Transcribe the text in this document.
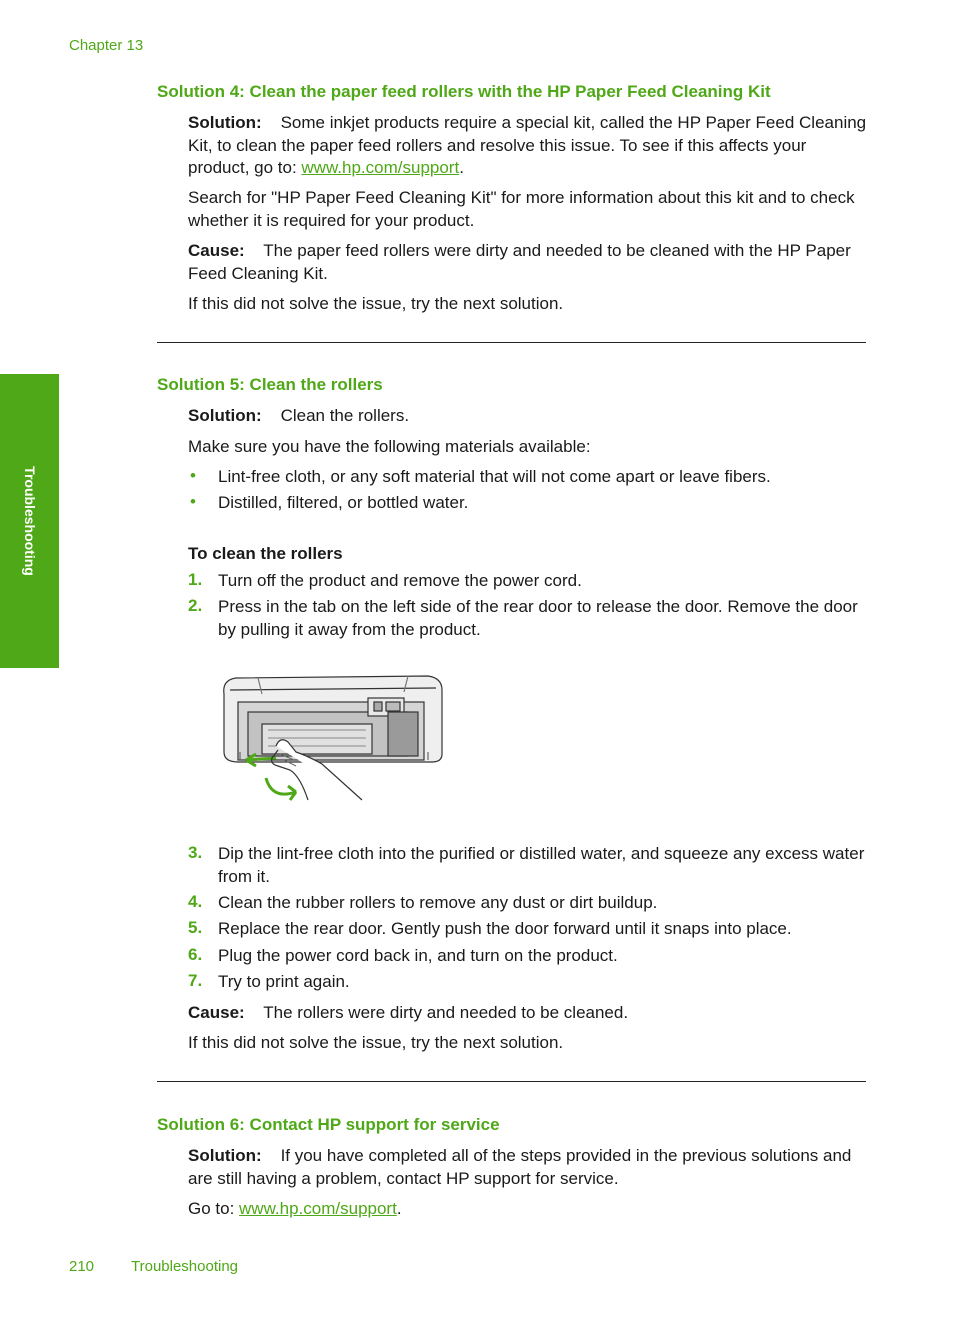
Chapter 13
Troubleshooting
Solution 4: Clean the paper feed rollers with the HP Paper Feed Cleaning Kit

Solution: Some inkjet products require a special kit, called the HP Paper Feed Cleaning Kit, to clean the paper feed rollers and resolve this issue. To see if this affects your product, go to: www.hp.com/support.

Search for "HP Paper Feed Cleaning Kit" for more information about this kit and to check whether it is required for your product.

Cause: The paper feed rollers were dirty and needed to be cleaned with the HP Paper Feed Cleaning Kit.

If this did not solve the issue, try the next solution.

Solution 5: Clean the rollers

Solution: Clean the rollers.

Make sure you have the following materials available:

• Lint-free cloth, or any soft material that will not come apart or leave fibers.
• Distilled, filtered, or bottled water.

To clean the rollers

1. Turn off the product and remove the power cord.
2. Press in the tab on the left side of the rear door to release the door. Remove the door by pulling it away from the product.
3. Dip the lint-free cloth into the purified or distilled water, and squeeze any excess water from it.
4. Clean the rubber rollers to remove any dust or dirt buildup.
5. Replace the rear door. Gently push the door forward until it snaps into place.
6. Plug the power cord back in, and turn on the product.
7. Try to print again.

Cause: The rollers were dirty and needed to be cleaned.

If this did not solve the issue, try the next solution.

Solution 6: Contact HP support for service

Solution: If you have completed all of the steps provided in the previous solutions and are still having a problem, contact HP support for service.

Go to: www.hp.com/support.

210 Troubleshooting
